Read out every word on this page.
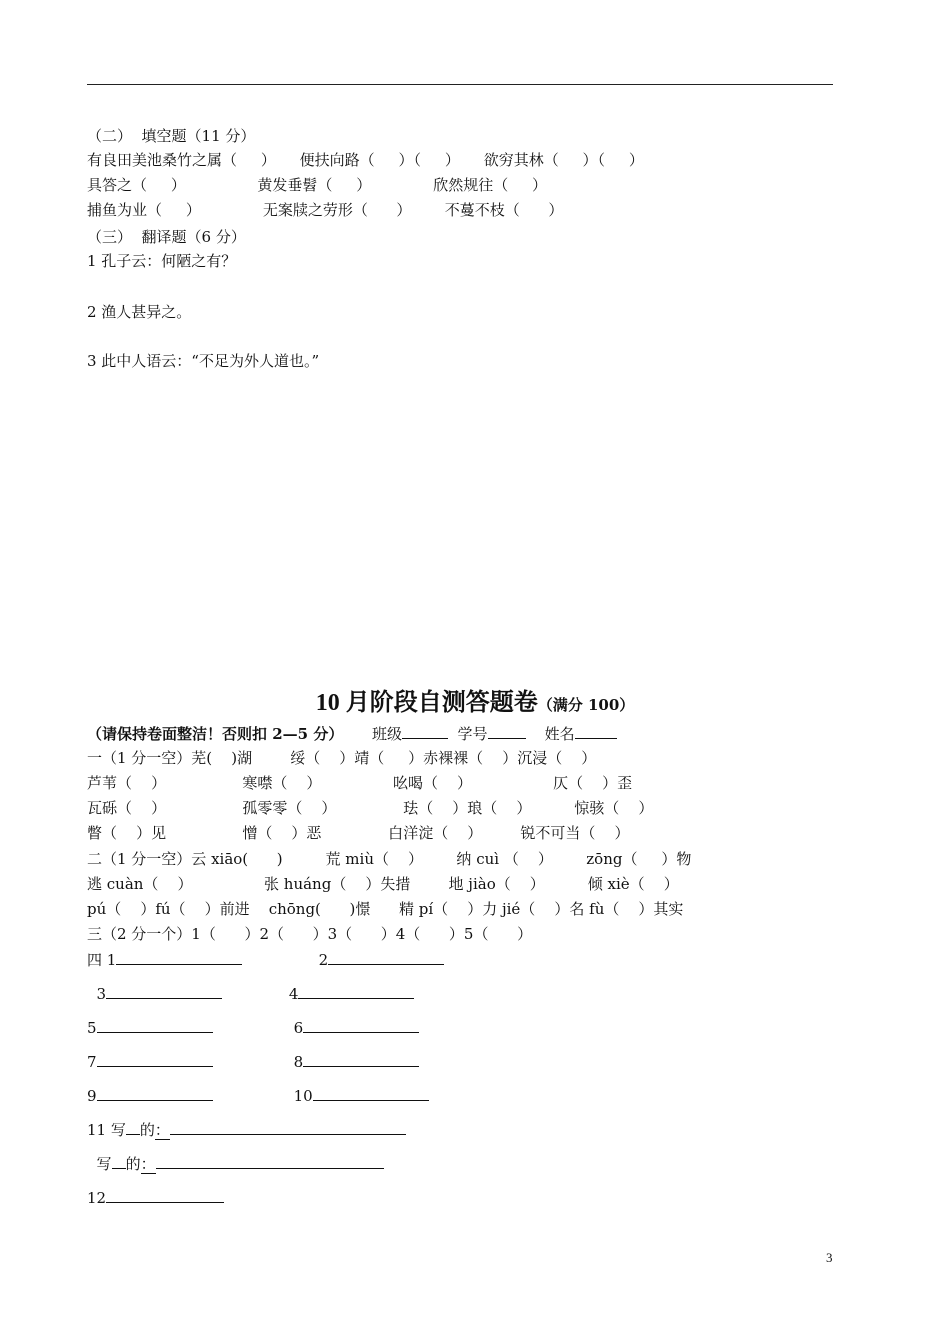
（二）  填空题（11 分）
有良田美池桑竹之属（     ）     便扶向路（     ）（     ）     欲穷其林（     ）（     ）
具答之（     ）               黄发垂髫（     ）             欣然规往（     ）
捕鱼为业（     ）             无案牍之劳形（      ）       不蔓不枝（      ）
（三）  翻译题（6 分）
1 孔子云：何陋之有？
2 渔人甚异之。
3 此中人语云：“不足为外人道也。”
10 月阶段自测答题卷（满分 100）
（请保持卷面整洁！否则扣 2—5 分） 班级	学号	姓名
一（1 分一空）芜(    )湖        绥（    ）靖（     ）赤裸裸（    ）沉浸（    ）
芦苇（    ）                寒噤（    ）               吆喝（    ）                 仄（    ）歪
瓦砾（    ）                孤零零（    ）              珐（    ）琅（    ）         惊骇（    ）
瞥（    ）见                憎（    ）恶              白洋淀（    ）        锐不可当（    ）
二（1 分一空）云 xiāo(      )         荒 miù（    ）       纳 cuì （    ）       zōng（     ）物
逃 cuàn（    ）               张 huáng（    ）失措        地 jiào（    ）         倾 xiè（    ）
pú（    ）fú（    ）前进    chōng(      )憬      精 pí（    ）力 jié（    ）名 fù（    ）其实
三（2 分一个）1（      ）2（      ）3（      ）4（      ）5（      ）
四 1	2
3	4
5	6
7	8
9	10
11 写 的：
写 的：
12
3
